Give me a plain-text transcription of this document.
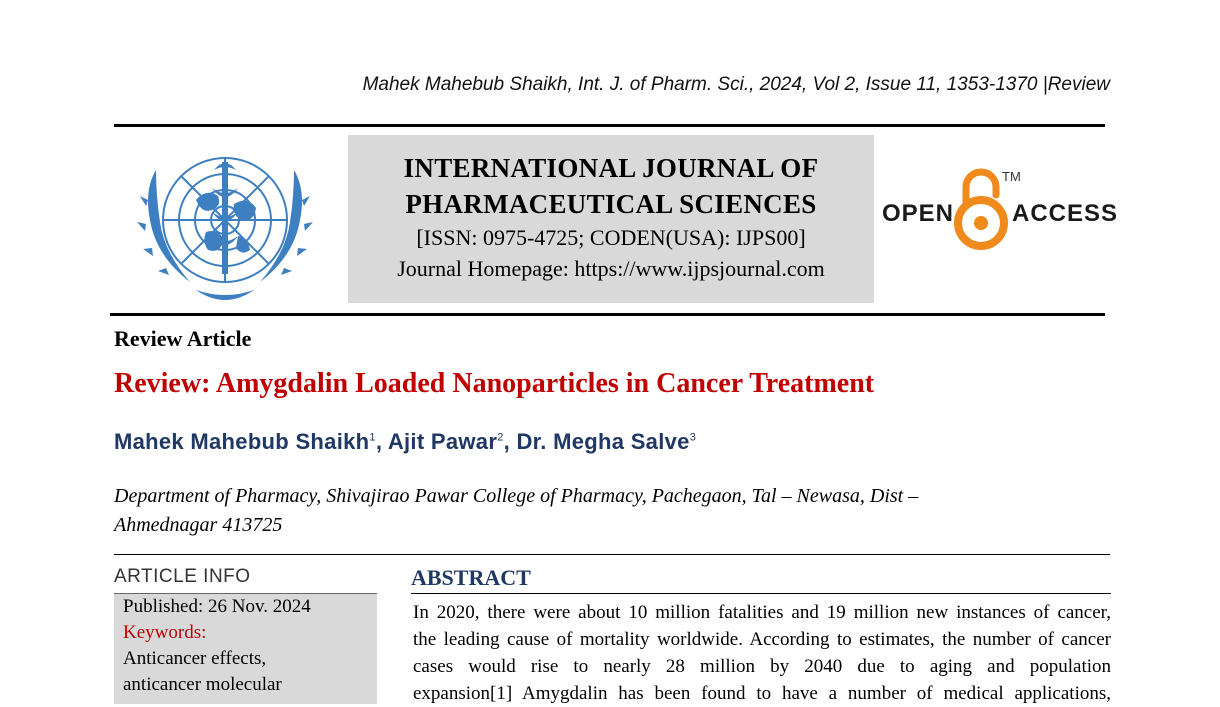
Mahek Mahebub Shaikh, Int. J. of Pharm. Sci., 2024, Vol 2, Issue 11, 1353-1370 |Review
INTERNATIONAL JOURNAL OF
PHARMACEUTICAL SCIENCES
[ISSN: 0975-4725; CODEN(USA): IJPS00]
Journal Homepage: https://www.ijpsjournal.com
OPEN
TM
ACCESS
Review Article
Review: Amygdalin Loaded Nanoparticles in Cancer Treatment
Mahek Mahebub Shaikh$^1$, Ajit Pawar$^2$, Dr. Megha Salve$^3$
Department of Pharmacy, Shivajirao Pawar College of Pharmacy, Pachegaon, Tal – Newasa, Dist –
Ahmednagar 413725
ARTICLE INFO
Published: 26 Nov. 2024
Keywords:
Anticancer effects,
anticancer molecular
ABSTRACT
In 2020, there were about 10 million fatalities and 19 million new instances of cancer,
the leading cause of mortality worldwide. According to estimates, the number of cancer
cases would rise to nearly 28 million by 2040 due to aging and population
expansion[1] Amygdalin has been found to have a number of medical applications,
